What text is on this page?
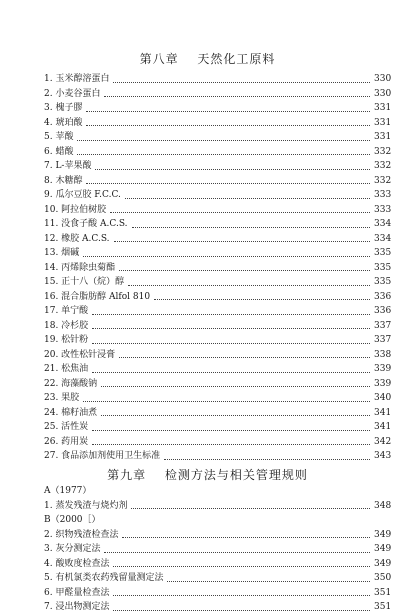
第八章 天然化工原料
1. 玉米醇溶蛋白	330
2. 小麦谷蛋白	330
3. 槐子膠	331
4. 琥珀酸	331
5. 苹酸	331
6. 蜡酸	332
7. L-苹果酸	332
8. 木糖醇	332
9. 瓜尔豆胶 F.C.C.	333
10. 阿拉伯树胶	333
11. 没食子酸 A.C.S.	334
12. 橡胶 A.C.S.	334
13. 烟碱	335
14. 丙烯除虫菊酯	335
15. 正十八（烷）醇	335
16. 混合脂肪醇 Alfol 810	336
17. 单宁酸	336
18. 冷杉胶	337
19. 松针粉	337
20. 改性松针浸膏	338
21. 松焦油	339
22. 海藻酸钠	339
23. 果胶	340
24. 棉籽油煮	341
25. 活性炭	341
26. 药用炭	342
27. 食品添加剂使用卫生标准	343
第九章 检测方法与相关管理规则
A（1977）
1. 蒸发残渣与烧灼剂	348
B（2000［）
2. 织物残渣检查法	349
3. 灰分测定法	349
4. 酸败度检查法	349
5. 有机氯类农药残留量测定法	350
6. 甲醛量检查法	351
7. 浸出物测定法	351
